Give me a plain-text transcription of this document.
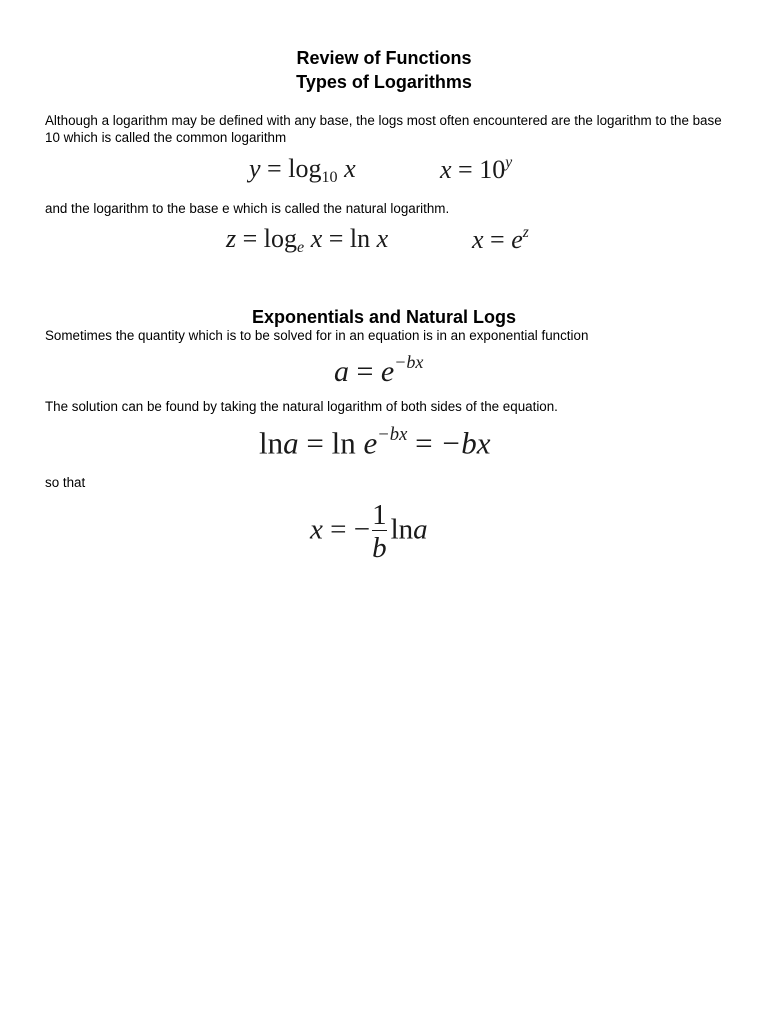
Review of Functions
Types of Logarithms

Although a logarithm may be defined with any base, the logs most often encountered are the logarithm to the base 10 which is called the common logarithm

$y = \log_{10} x$	$x = 10^y$

and the logarithm to the base e which is called the natural logarithm.

$z = \log_e x = \ln x$	$x = e^z$
Exponentials and Natural Logs

Sometimes the quantity which is to be solved for in an equation is in an exponential function

$a = e^{-bx}$

The solution can be found by taking the natural logarithm of both sides of the equation.

$\ln a = \ln e^{-bx} = -bx$

so that

x = − $\frac{1}{b}$ lna
